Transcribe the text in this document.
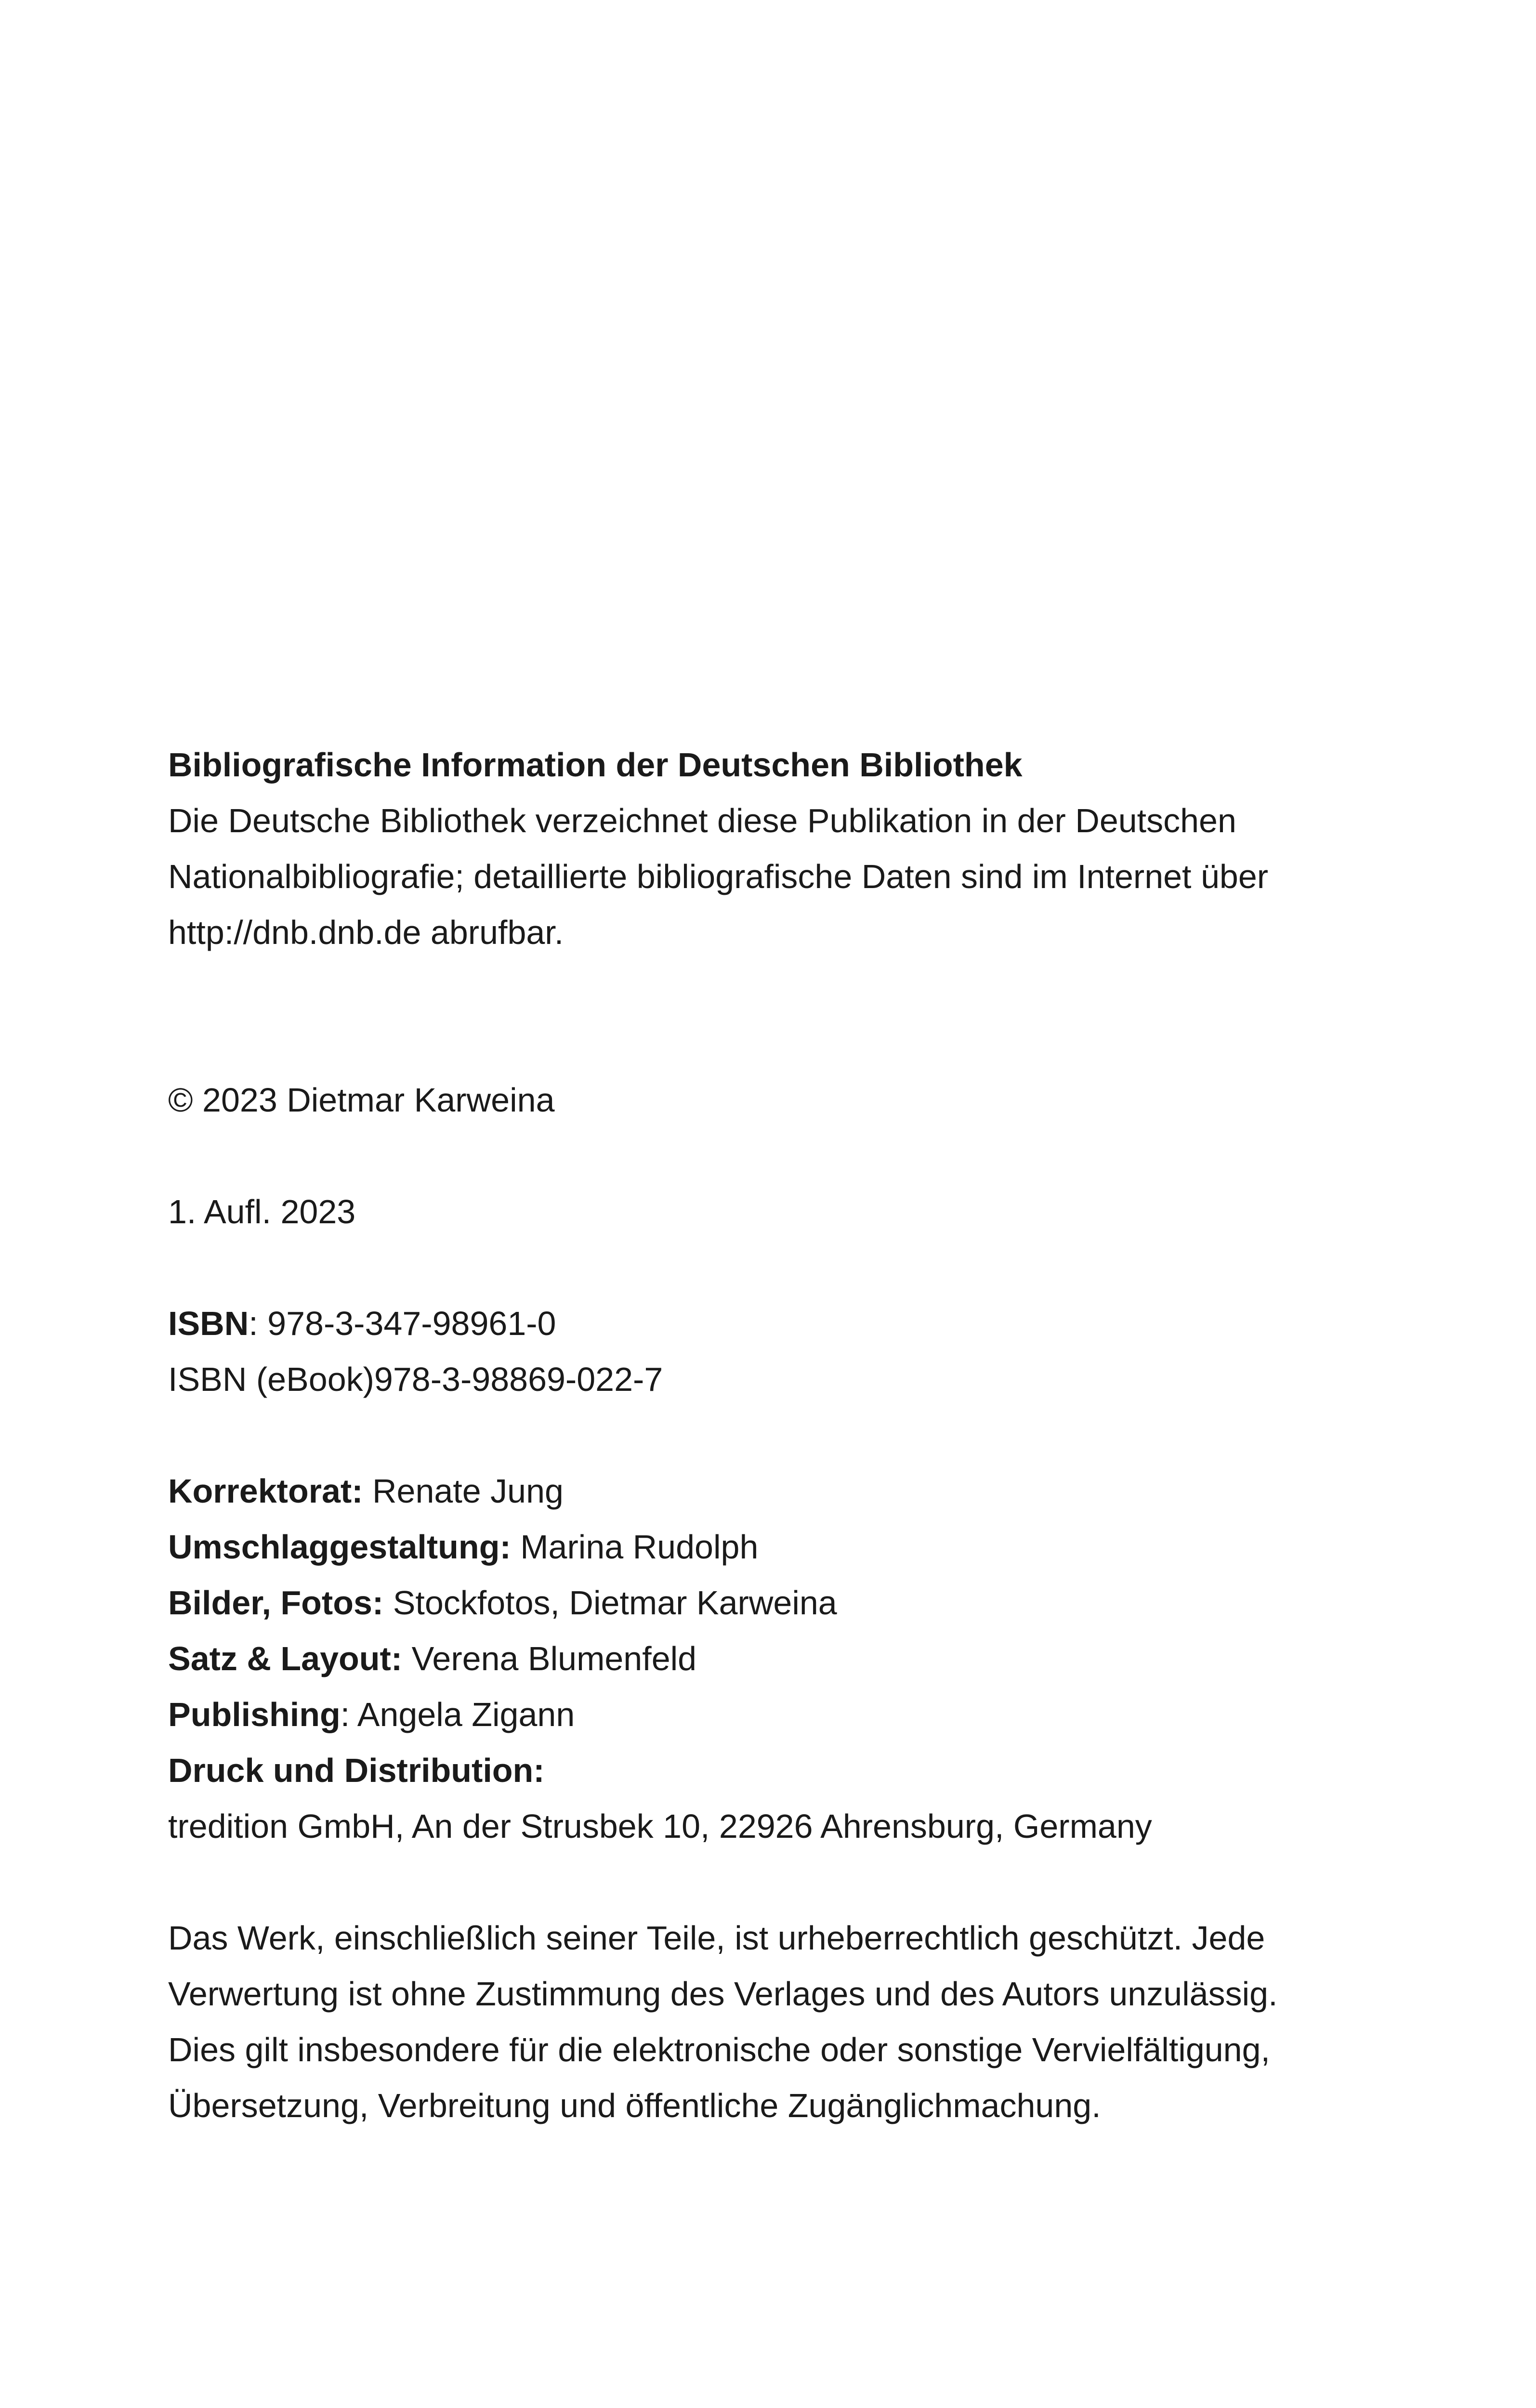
Bibliografische Information der Deutschen Bibliothek

Die Deutsche Bibliothek verzeichnet diese Publikation in der Deutschen

Nationalbibliografie; detaillierte bibliografische Daten sind im Internet über

http://dnb.dnb.de abrufbar.

© 2023 Dietmar Karweina

1. Aufl. 2023

ISBN: 978-3-347-98961-0

ISBN (eBook)978-3-98869-022-7

Korrektorat: Renate Jung

Umschlaggestaltung: Marina Rudolph

Bilder, Fotos: Stockfotos, Dietmar Karweina

Satz & Layout: Verena Blumenfeld

Publishing: Angela Zigann

Druck und Distribution:

tredition GmbH, An der Strusbek 10, 22926 Ahrensburg, Germany

Das Werk, einschließlich seiner Teile, ist urheberrechtlich geschützt. Jede

Verwertung ist ohne Zustimmung des Verlages und des Autors unzulässig.

Dies gilt insbesondere für die elektronische oder sonstige Vervielfältigung,

Übersetzung, Verbreitung und öffentliche Zugänglichmachung.
